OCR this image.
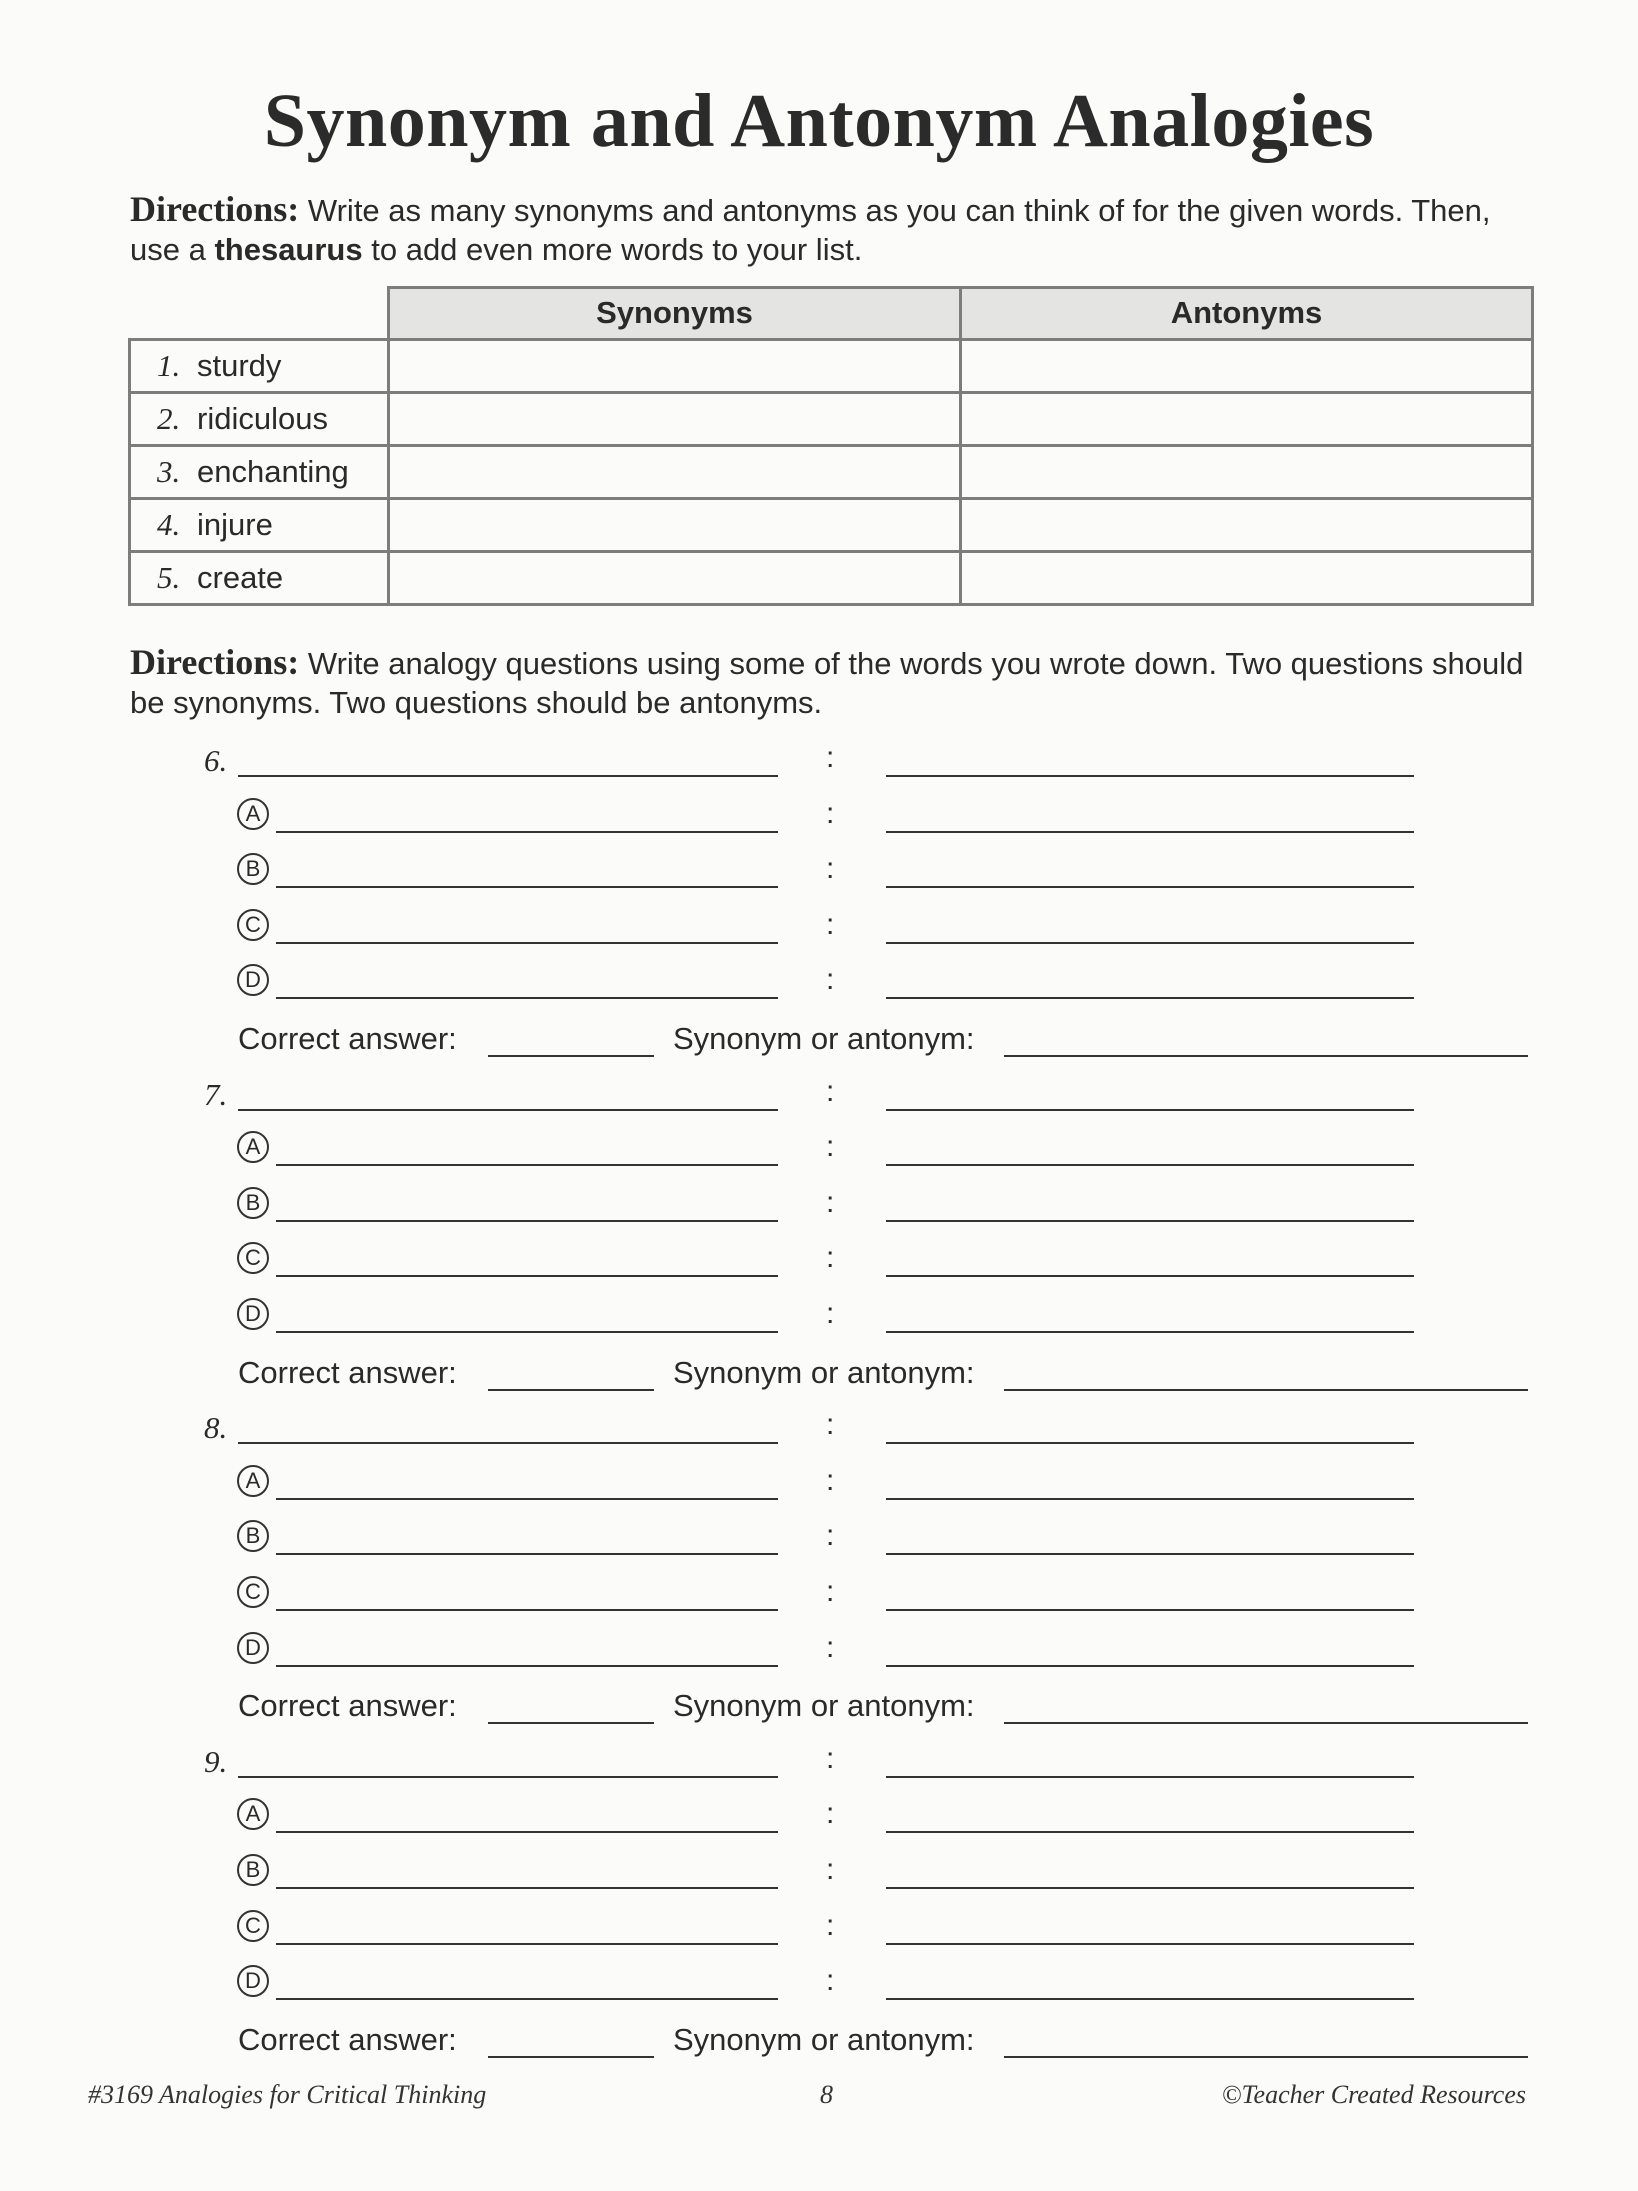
Synonym and Antonym Analogies
Directions: Write as many synonyms and antonyms as you can think of for the given words. Then, use a thesaurus to add even more words to your list.
	Synonyms	Antonyms
1. sturdy		
2. ridiculous		
3. enchanting		
4. injure		
5. create		
Directions: Write analogy questions using some of the words you wrote down. Two questions should be synonyms. Two questions should be antonyms.
6.	:
A	:
B	:
C	:
D	:
Correct answer:	Synonym or antonym:
7.	:
A	:
B	:
C	:
D	:
Correct answer:	Synonym or antonym:
8.	:
A	:
B	:
C	:
D	:
Correct answer:	Synonym or antonym:
9.	:
A	:
B	:
C	:
D	:
Correct answer:	Synonym or antonym:
#3169 Analogies for Critical Thinking	8	©Teacher Created Resources
